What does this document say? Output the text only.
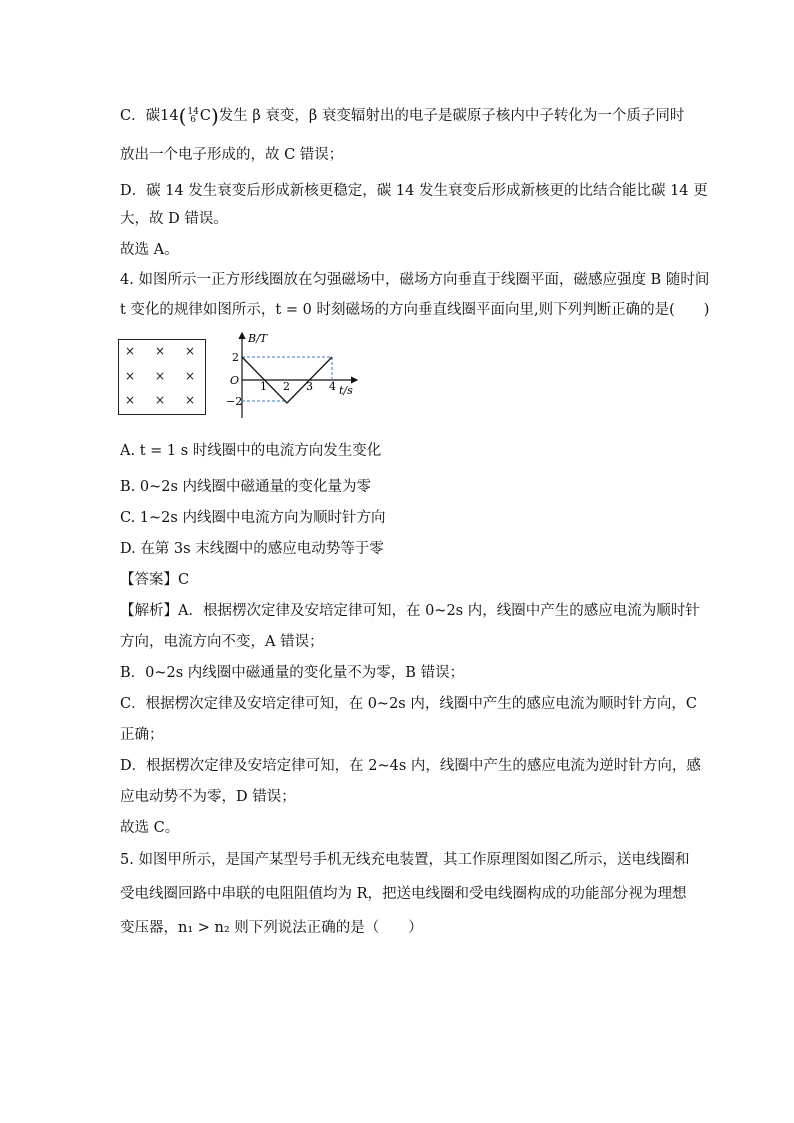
C．碳14(14
6 C)发生 β 衰变，β 衰变辐射出的电子是碳原子核内中子转化为一个质子同时
放出一个电子形成的，故 C 错误；
D．碳 14 发生衰变后形成新核更稳定，碳 14 发生衰变后形成新核更的比结合能比碳 14 更
大，故 D 错误。
故选 A。
4. 如图所示一正方形线圈放在匀强磁场中，磁场方向垂直于线圈平面，磁感应强度 B 随时间
t 变化的规律如图所示，t = 0 时刻磁场的方向垂直线圈平面向里,则下列判断正确的是(　　)
× × ×
× × ×
× × ×
B/T
t/s
O
2
−2
1 2 3 4
A. t = 1 s 时线圈中的电流方向发生变化
B. 0~2s 内线圈中磁通量的变化量为零
C. 1~2s 内线圈中电流方向为顺时针方向
D. 在第 3s 末线圈中的感应电动势等于零
【答案】C
【解析】A．根据楞次定律及安培定律可知，在 0~2s 内，线圈中产生的感应电流为顺时针
方向，电流方向不变，A 错误；
B．0~2s 内线圈中磁通量的变化量不为零，B 错误；
C．根据楞次定律及安培定律可知，在 0~2s 内，线圈中产生的感应电流为顺时针方向，C
正确；
D．根据楞次定律及安培定律可知，在 2~4s 内，线圈中产生的感应电流为逆时针方向，感
应电动势不为零，D 错误；
故选 C。
5. 如图甲所示，是国产某型号手机无线充电装置，其工作原理图如图乙所示，送电线圈和
受电线圈回路中串联的电阻阻值均为 R，把送电线圈和受电线圈构成的功能部分视为理想
变压器，n₁ > n₂ 则下列说法正确的是（　　）
